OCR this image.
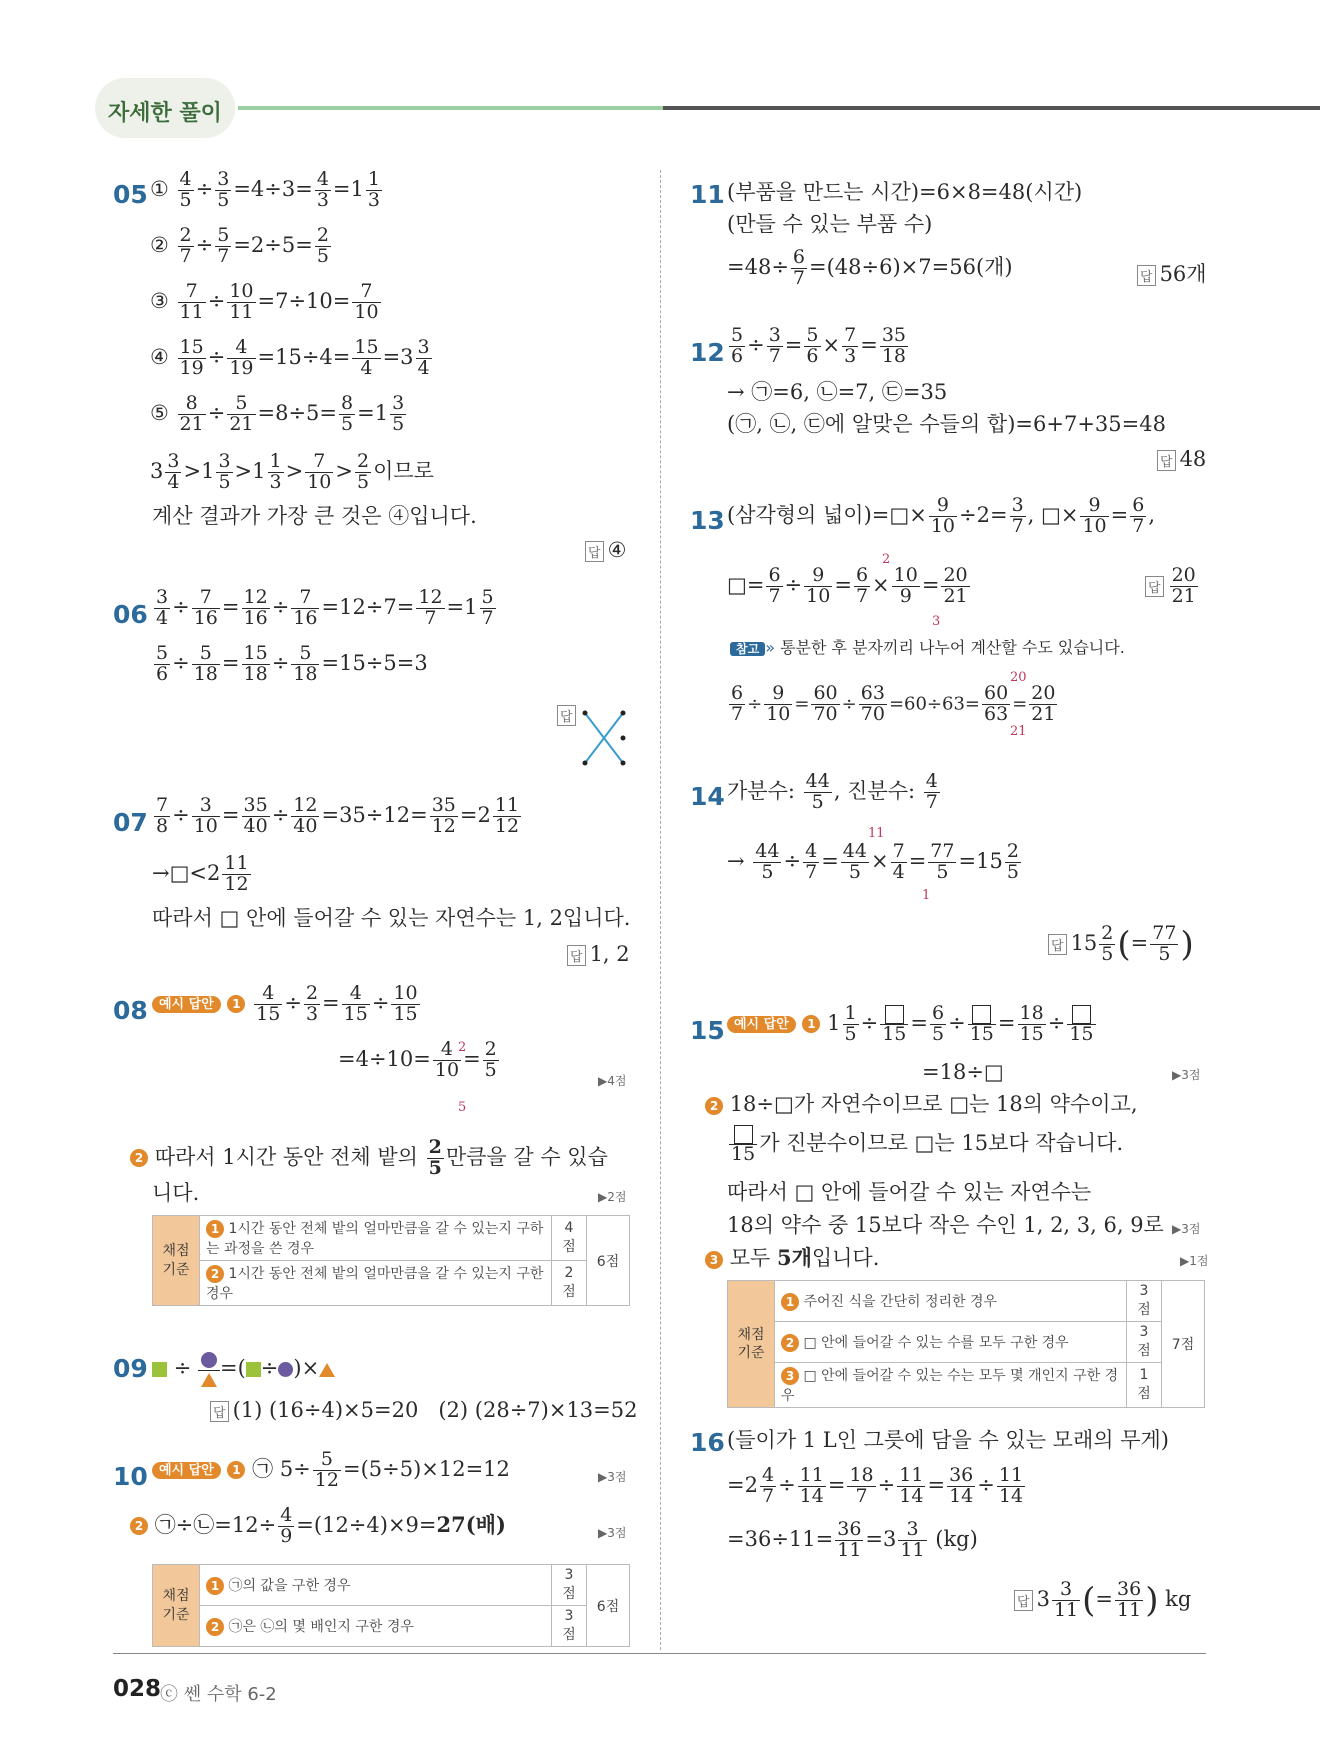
자세한 풀이
05 ① $\frac{4}{5} \div \frac{3}{5} =4\div 3= \frac{4}{3} =1 \frac{1}{3}$
② $\frac{2}{7} \div \frac{5}{7} =2\div 5= \frac{2}{5}$
③ $\frac{7}{11} \div \frac{10}{11} =7\div 10= \frac{7}{10}$
④ $\frac{15}{19} \div \frac{4}{19} =15\div 4= \frac{15}{4} =3 \frac{3}{4}$
⑤ $\frac{8}{21} \div \frac{5}{21} =8\div 5= \frac{8}{5} =1 \frac{3}{5}$
$3 \frac{3}{4} >1 \frac{3}{5} >1 \frac{1}{3} > \frac{7}{10} > \frac{2}{5}$ 이므로
계산 결과가 가장 큰 것은 ④입니다.
답 ④
$06 \frac{3}{4} \div \frac{7}{16} = \frac{12}{16} \div \frac{7}{16} =12\div 7= \frac{12}{7} =1 \frac{5}{7}$
$\frac{5}{6} \div \frac{5}{18} = \frac{15}{18} \div \frac{5}{18} =15\div 5=3$
답
$07 \frac{7}{8} \div \frac{3}{10} = \frac{35}{40} \div \frac{12}{40} =35\div 12= \frac{35}{12} =2 \frac{11}{12}$
→□<2 $\frac{11}{12}$
따라서 □ 안에 들어갈 수 있는 자연수는 1, 2입니다.
답 1, 2
08 예시 답안 $1 \frac{4}{15} \div \frac{2}{3} = \frac{4}{15} \div \frac{10}{15}$
$=4\div 10= \frac{4}{10} = \frac{2}{5}$
2
5
▶4점
2 따라서 1시간 동안 전체 밭의 $\frac{2}{5}$ 만큼을 갈 수 있습
니다.	▶2점
채점
기준	1 1시간 동안 전체 밭의 얼마만큼을 갈 수 있는지 구하는 과정을 쓴 경우	4점	6점
	2 1시간 동안 전체 밭의 얼마만큼을 갈 수 있는지 구한 경우	2점	
09	÷ =( ÷ )×
답 (1) (16÷4)×5=20 (2) (28÷7)×13=52
10 예시 답안 1 ㉠ $5\div \frac{5}{12} =(5\div 5)\times 12=12$	▶3점
2 ㉠÷㉡=12÷ $\frac{4}{9} =(12\div 4)\times 9=27$(배)	▶3점
채점
기준	1 ㉠의 값을 구한 경우	3점	6점
	2 ㉠은 ㉡의 몇 배인지 구한 경우	3점	
11 (부품을 만드는 시간)=6×8=48(시간)
(만들 수 있는 부품 수)
$=48\div \frac{6}{7} =(48\div 6)\times 7=56$(개)	답 56개
$12 \frac{5}{6} \div \frac{3}{7} = \frac{5}{6} \times \frac{7}{3} = \frac{35}{18}$
→ ㉠=6, ㉡=7, ㉢=35
(㉠, ㉡, ㉢에 알맞은 수들의 합)=6+7+35=48
답 48
13 (삼각형의 넓이)=□× $\frac{9}{10} \div 2= \frac{3}{7}$ , □× $\frac{9}{10} = \frac{6}{7}$ ,
□= $\frac{6}{7} \div \frac{9}{10} = \frac{6}{7} \times \frac{10}{9} = \frac{20}{21}$
2
3
답 $\frac{20}{21}$
참고 » 통분한 후 분자끼리 나누어 계산할 수도 있습니다.
$\frac{6}{7} \div \frac{9}{10} = \frac{60}{70} \div \frac{63}{70} =60\div 63= \frac{60}{63} = \frac{20}{21}$
20
21
14 가분수: $\frac{44}{5}$ , 진분수: $\frac{4}{7}$
→ $\frac{44}{5} \div \frac{4}{7} = \frac{44}{5} \times \frac{7}{4} = \frac{77}{5} =15 \frac{2}{5}$
11
1
답 $15 \frac{2}{5}$ (= $\frac{77}{5}$ )
15 예시 답안 1 $1 \frac{1}{5} \div 15 = \frac{6}{5} \div 15 = \frac{18}{15} \div 15$
=18÷□	▶3점
2 18÷□가 자연수이므로 □는 18의 약수이고,
15 가 진분수이므로 □는 15보다 작습니다.
따라서 □ 안에 들어갈 수 있는 자연수는
18의 약수 중 15보다 작은 수인 1, 2, 3, 6, 9로 ▶3점
3 모두 5개입니다.	▶1점
채점
기준	1 주어진 식을 간단히 정리한 경우	3점	7점
	2 □ 안에 들어갈 수 있는 수를 모두 구한 경우	3점	
	3 □ 안에 들어갈 수 있는 수는 모두 몇 개인지 구한 경우	1점	
16 (들이가 1 L인 그릇에 담을 수 있는 모래의 무게)
$=2 \frac{4}{7} \div \frac{11}{14} = \frac{18}{7} \div \frac{11}{14} = \frac{36}{14} \div \frac{11}{14}$
$=36\div 11= \frac{36}{11} =3 \frac{3}{11} (kg)$
답 $3 \frac{3}{11}$ (= $\frac{36}{11}$ ) kg
028
ⓒ 쎈 수학 6-2
